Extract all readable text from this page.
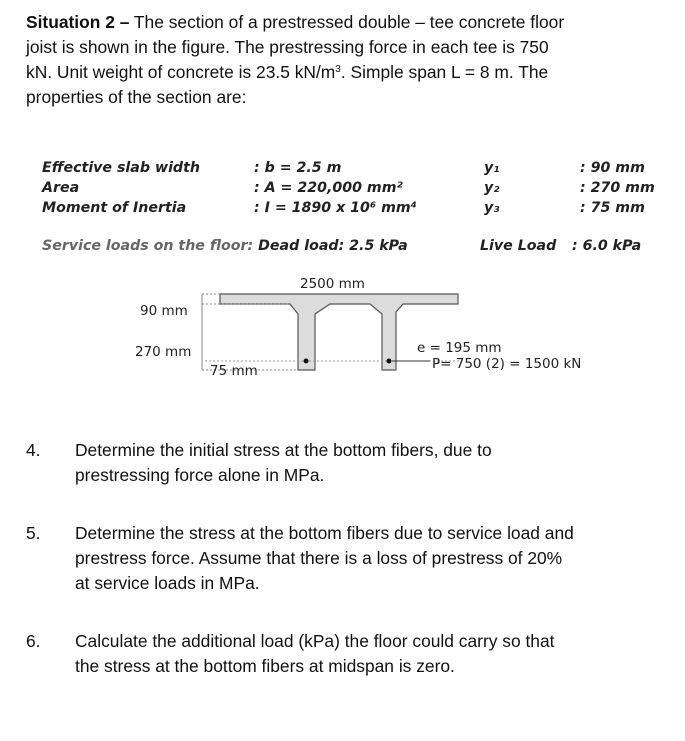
Situation 2 – The section of a prestressed double – tee concrete floor
joist is shown in the figure. The prestressing force in each tee is 750
kN. Unit weight of concrete is 23.5 $kN/m^3$. Simple span L = 8 m. The
properties of the section are:
Effective slab width	: b = 2.5 m	y₁	: 90 mm
Area	: A = 220,000 mm²	y₂	: 270 mm
Moment of Inertia	: I = 1890 x 10⁶ mm⁴	y₃	: 75 mm
Service loads on the floor: Dead load: 2.5 kPa	Live Load : 6.0 kPa
2500 mm
90 mm
270 mm
75 mm
e = 195 mm
P= 750 (2) = 1500 kN
4. Determine the initial stress at the bottom fibers, due to
prestressing force alone in MPa.
5. Determine the stress at the bottom fibers due to service load and
prestress force. Assume that there is a loss of prestress of 20%
at service loads in MPa.
6. Calculate the additional load (kPa) the floor could carry so that
the stress at the bottom fibers at midspan is zero.
